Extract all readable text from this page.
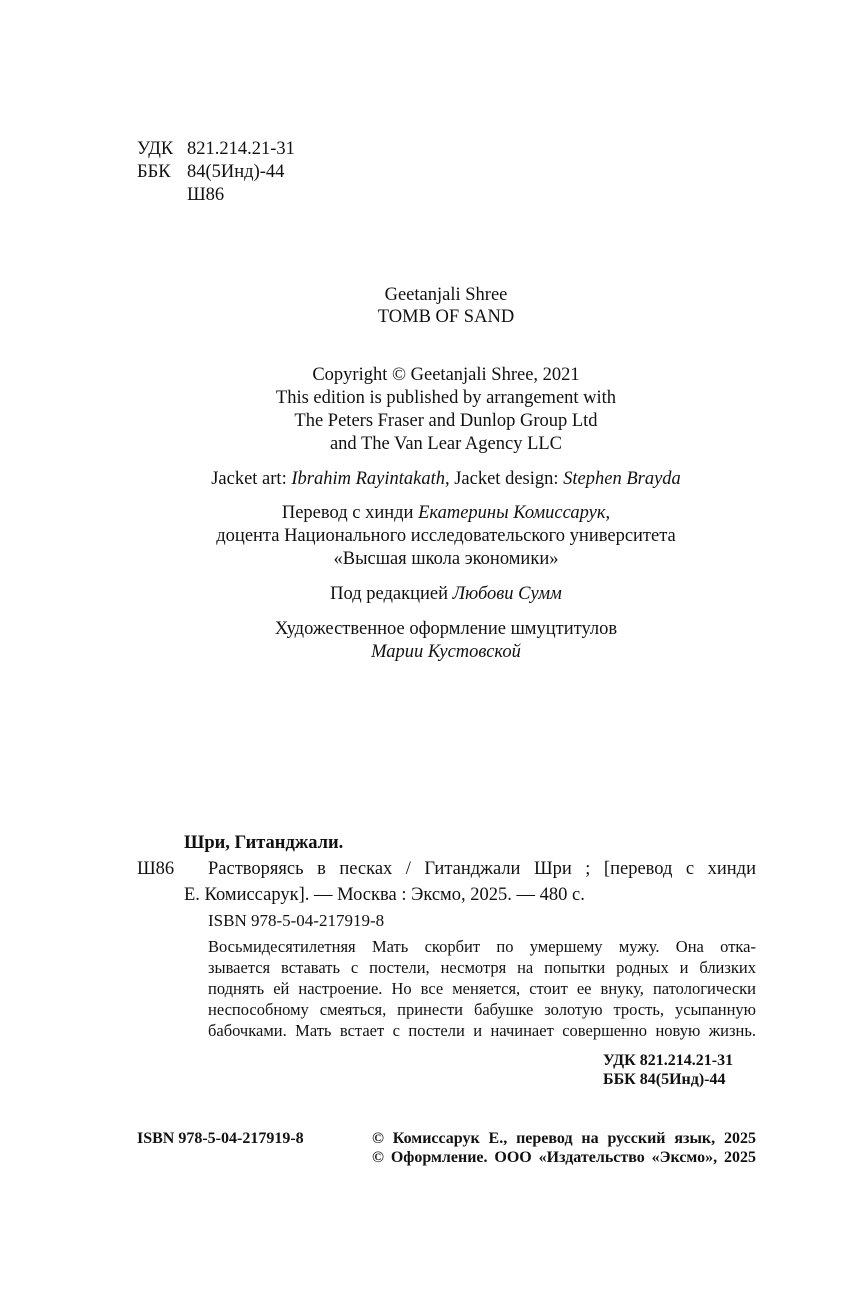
УДК 821.214.21-31
ББК 84(5Инд)-44
Ш86
Geetanjali Shree
TOMB OF SAND
Copyright © Geetanjali Shree, 2021
This edition is published by arrangement with
The Peters Fraser and Dunlop Group Ltd
and The Van Lear Agency LLC
Jacket art: Ibrahim Rayintakath, Jacket design: Stephen Brayda
Перевод с хинди Екатерины Комиссарук,
доцента Национального исследовательского университета
«Высшая школа экономики»
Под редакцией Любови Сумм
Художественное оформление шмуцтитулов
Марии Кустовской
Шри, Гитанджали.
Ш86 Растворяясь в песках / Гитанджали Шри ; [перевод с хинди
Е. Комиссарук]. — Москва : Эксмо, 2025. — 480 с.
ISBN 978-5-04-217919-8
Восьмидесятилетняя Мать скорбит по умершему мужу. Она отка-
зывается вставать с постели, несмотря на попытки родных и близких
поднять ей настроение. Но все меняется, стоит ее внуку, патологически
неспособному смеяться, принести бабушке золотую трость, усыпанную
бабочками. Мать встает с постели и начинает совершенно новую жизнь.
УДК 821.214.21-31
ББК 84(5Инд)-44
ISBN 978-5-04-217919-8	© Комиссарук Е., перевод на русский язык, 2025
© Оформление. ООО «Издательство «Эксмо», 2025
